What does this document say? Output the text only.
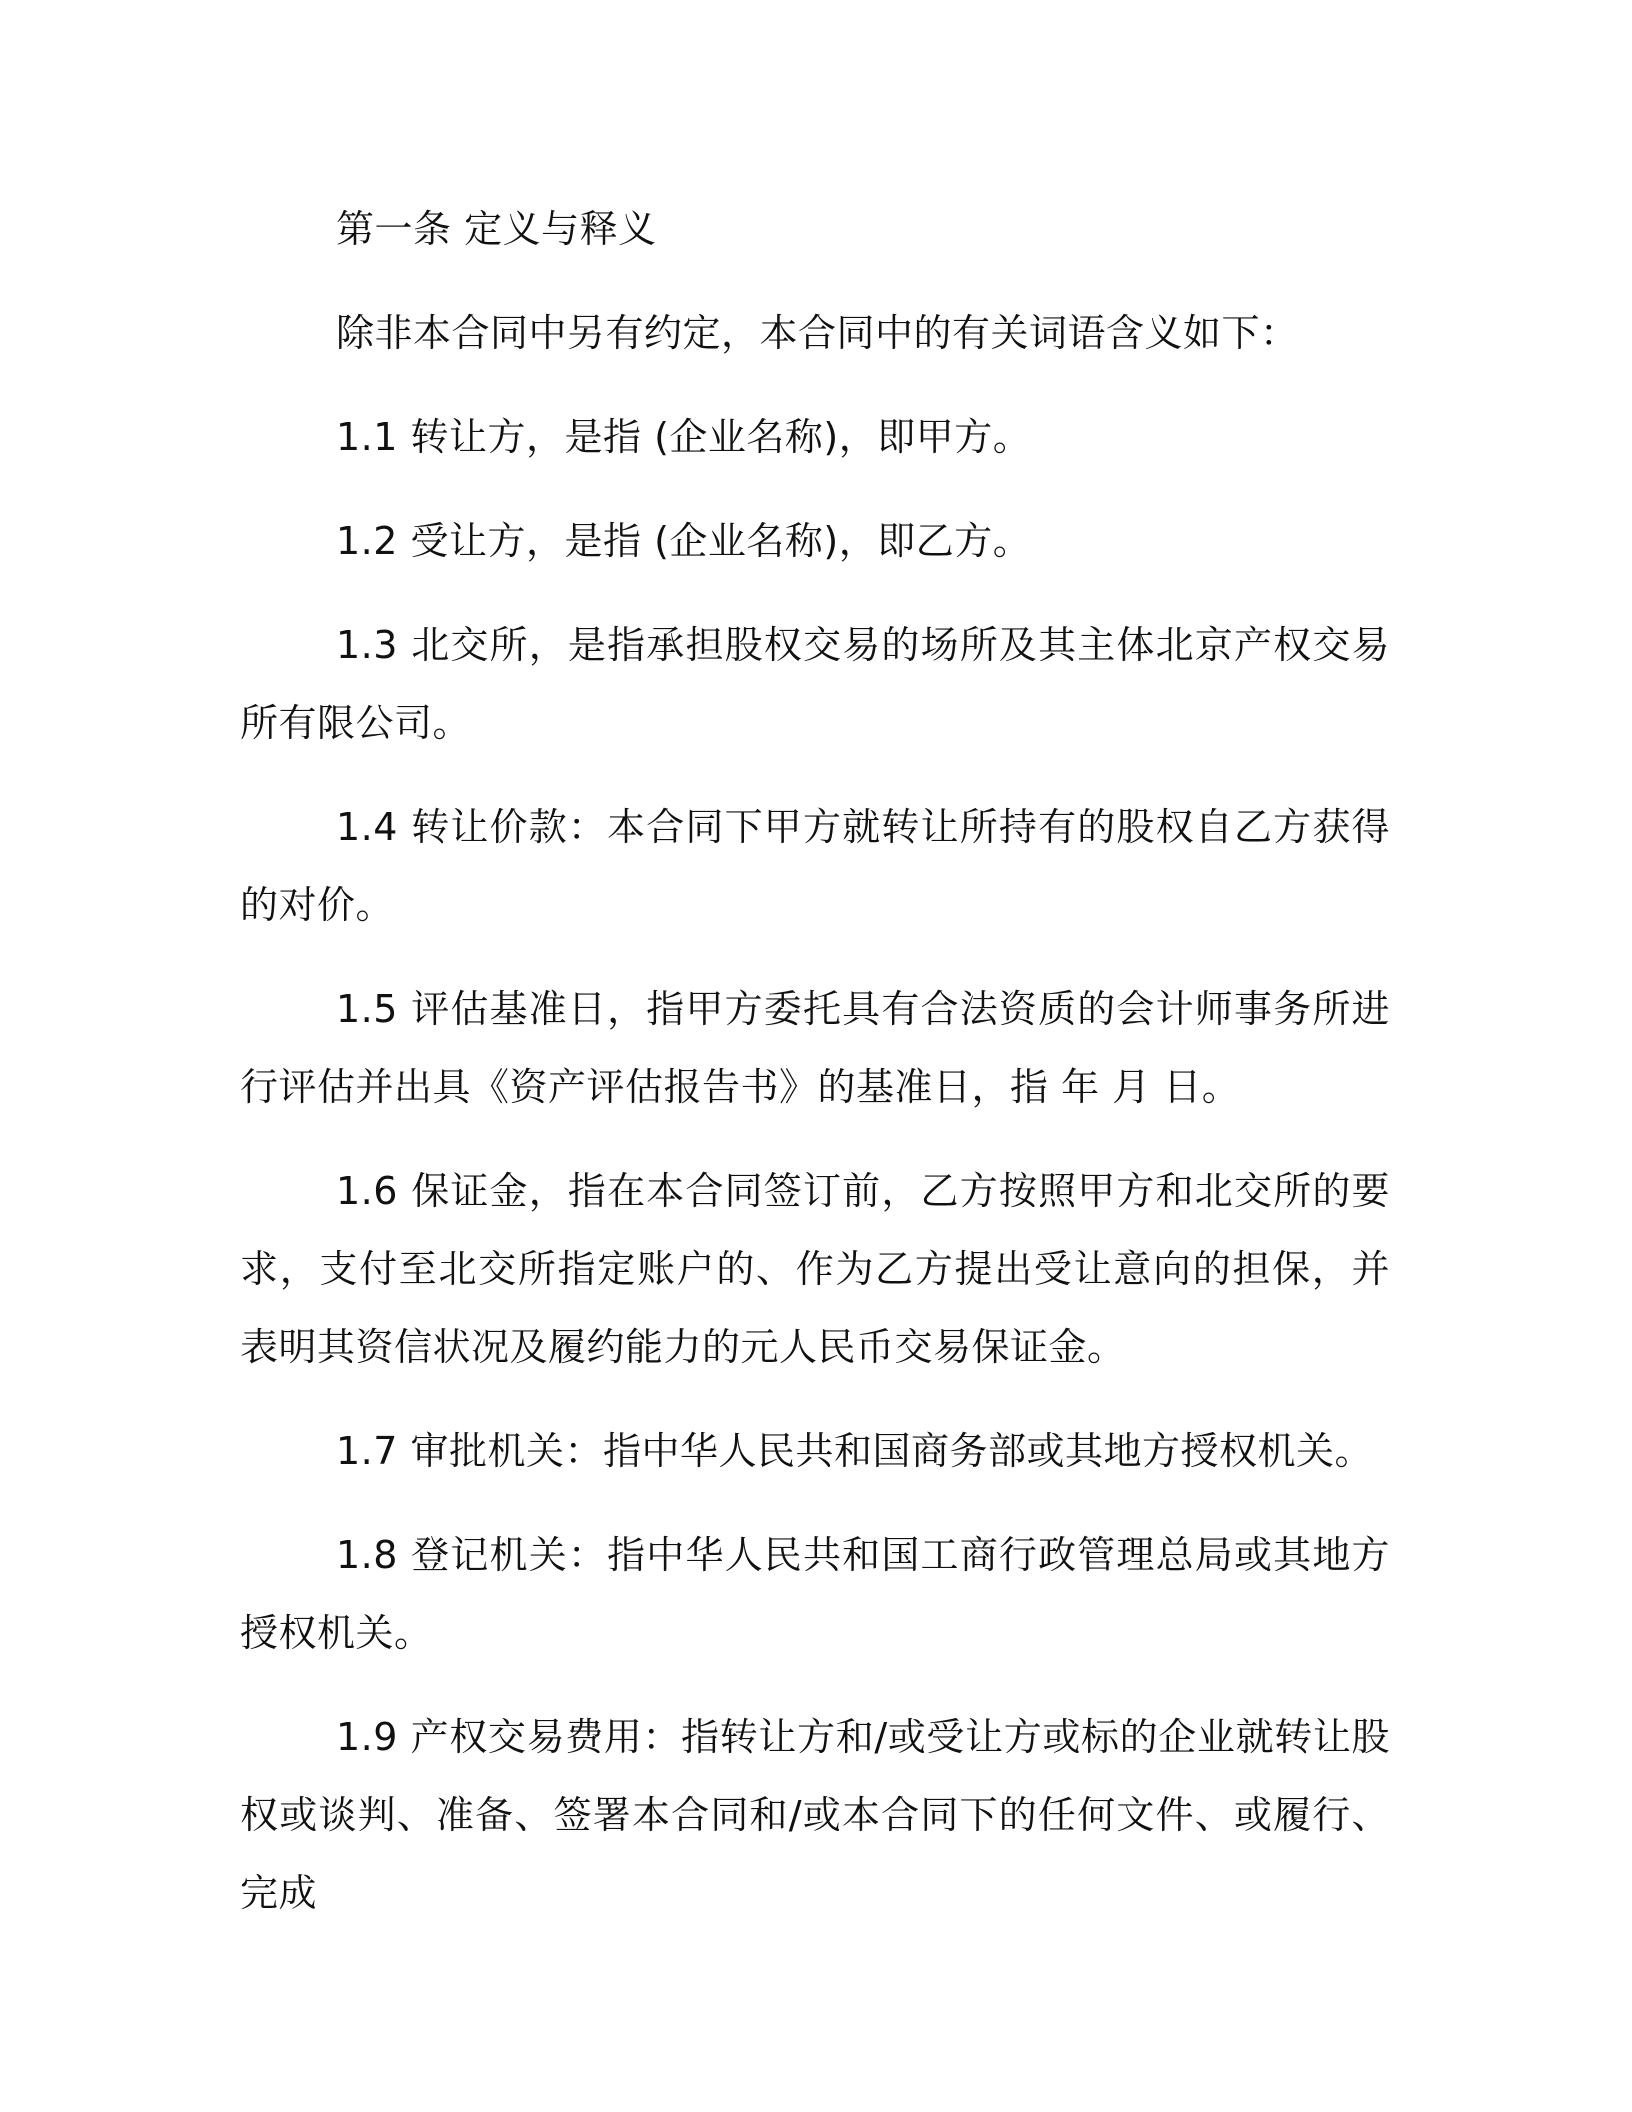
第一条 定义与释义

除非本合同中另有约定，本合同中的有关词语含义如下：

1.1 转让方，是指 (企业名称)，即甲方。

1.2 受让方，是指 (企业名称)，即乙方。

1.3 北交所，是指承担股权交易的场所及其主体北京产权交易所有限公司。

1.4 转让价款：本合同下甲方就转让所持有的股权自乙方获得的对价。

1.5 评估基准日，指甲方委托具有合法资质的会计师事务所进行评估并出具《资产评估报告书》的基准日，指 年 月 日。

1.6 保证金，指在本合同签订前，乙方按照甲方和北交所的要求，支付至北交所指定账户的、作为乙方提出受让意向的担保，并表明其资信状况及履约能力的元人民币交易保证金。

1.7 审批机关：指中华人民共和国商务部或其地方授权机关。

1.8 登记机关：指中华人民共和国工商行政管理总局或其地方授权机关。

1.9 产权交易费用：指转让方和/或受让方或标的企业就转让股权或谈判、准备、签署本合同和/或本合同下的任何文件、或履行、完成
